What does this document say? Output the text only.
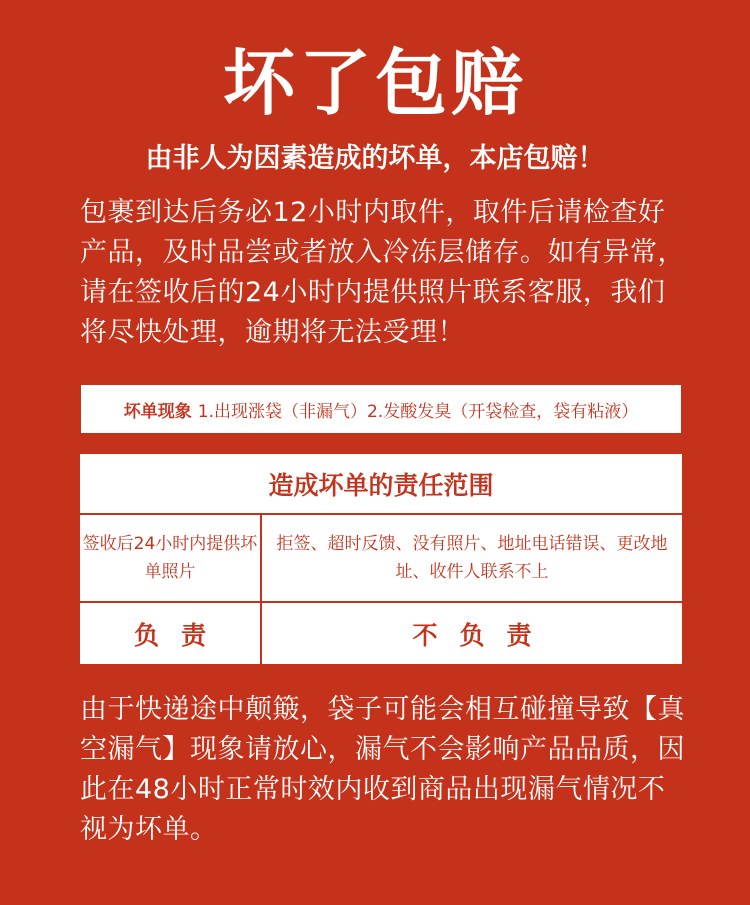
坏了包赔
由非人为因素造成的坏单，本店包赔！
包裹到达后务必12小时内取件，取件后请检查好产品，及时品尝或者放入冷冻层储存。如有异常，请在签收后的24小时内提供照片联系客服，我们将尽快处理，逾期将无法受理！
坏单现象 1.出现涨袋（非漏气）2.发酸发臭（开袋检查，袋有粘液）
造成坏单的责任范围
签收后24小时内提供坏单照片
拒签、超时反馈、没有照片、地址电话错误、更改地址、收件人联系不上
负责	不负责
由于快递途中颠簸，袋子可能会相互碰撞导致【真空漏气】现象请放心，漏气不会影响产品品质，因此在48小时正常时效内收到商品出现漏气情况不视为坏单。
